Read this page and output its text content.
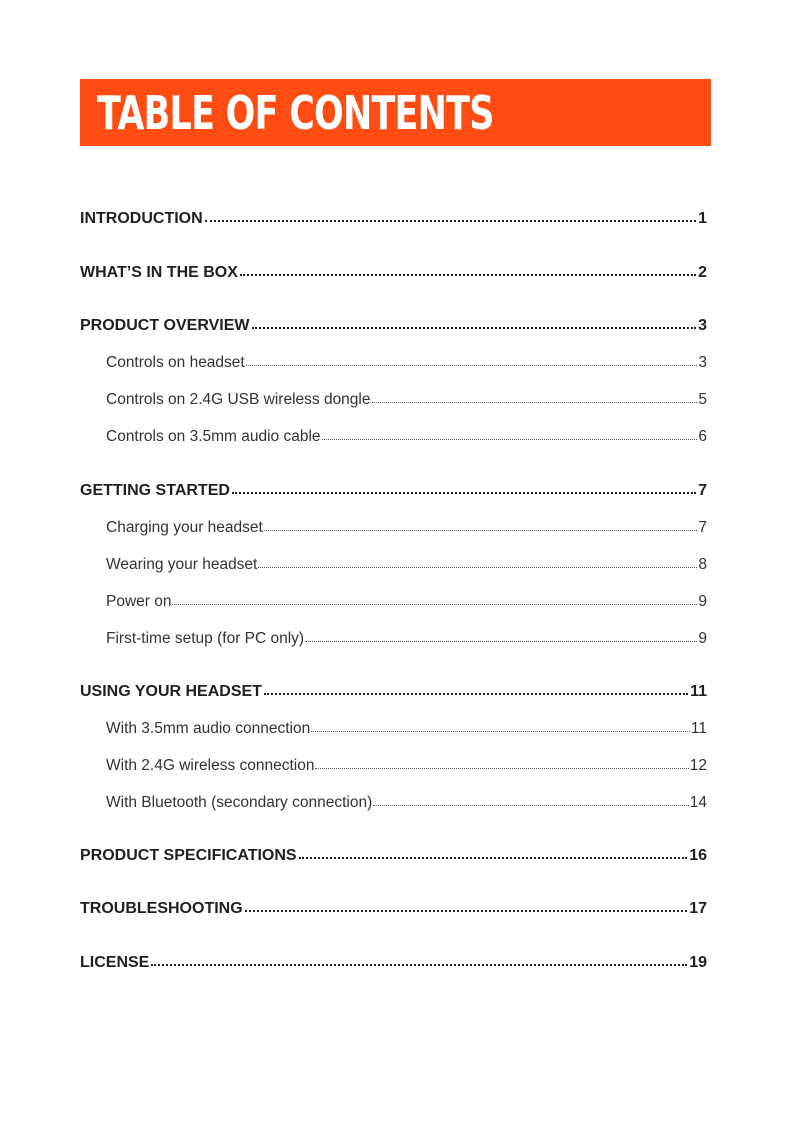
TABLE OF CONTENTS
INTRODUCTION	1
WHAT’S IN THE BOX	2
PRODUCT OVERVIEW	3
Controls on headset	3
Controls on 2.4G USB wireless dongle	5
Controls on 3.5mm audio cable	6
GETTING STARTED	7
Charging your headset	7
Wearing your headset	8
Power on	9
First-time setup (for PC only)	9
USING YOUR HEADSET	11
With 3.5mm audio connection	11
With 2.4G wireless connection	12
With Bluetooth (secondary connection)	14
PRODUCT SPECIFICATIONS	16
TROUBLESHOOTING	17
LICENSE	19
